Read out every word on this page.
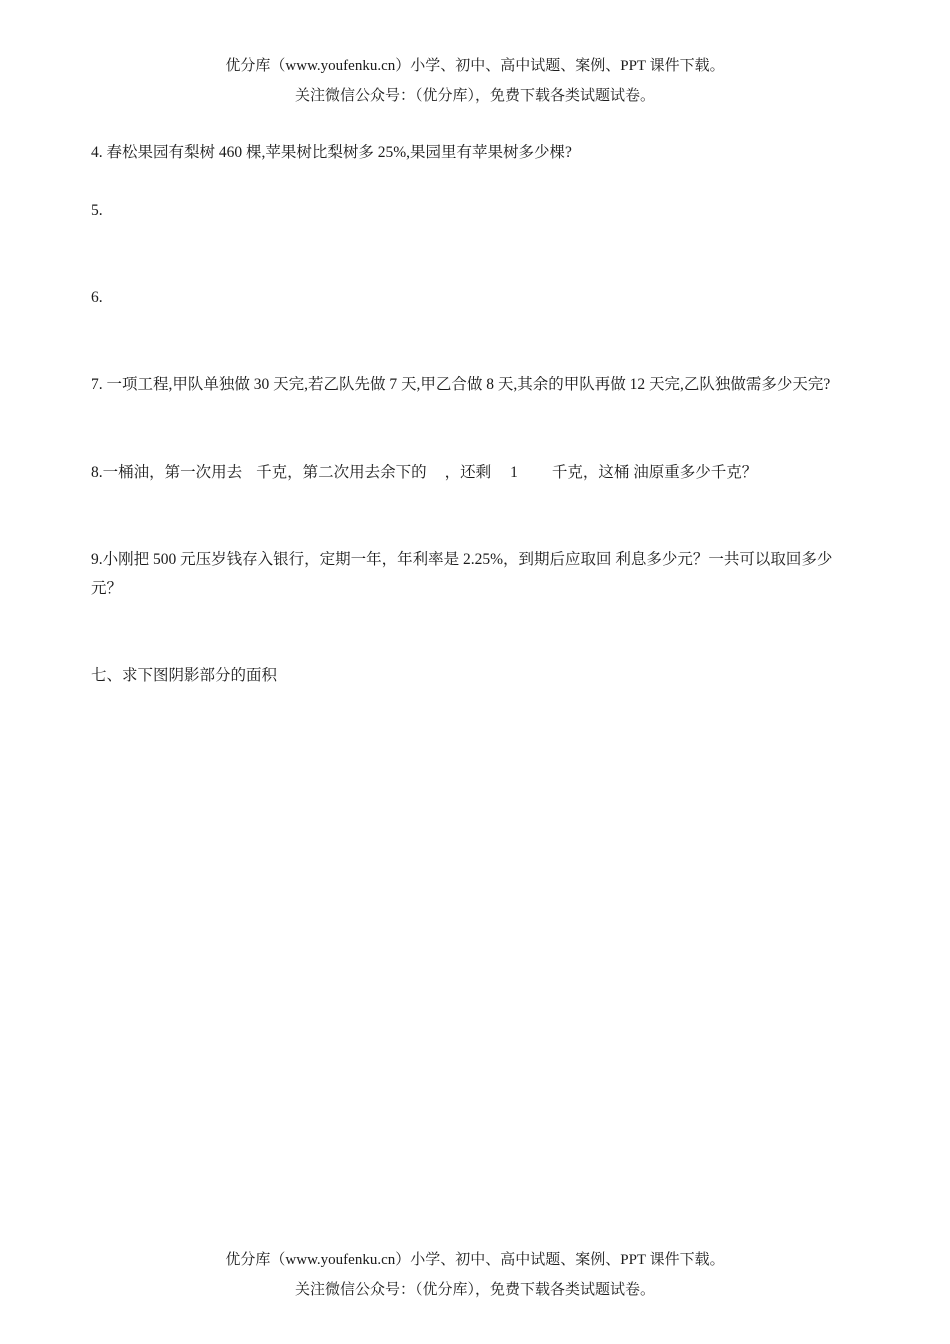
优分库（www.youfenku.cn）小学、初中、高中试题、案例、PPT 课件下载。
关注微信公众号：（优分库），免费下载各类试题试卷。
4. 春松果园有梨树 460 棵,苹果树比梨树多 25%,果园里有苹果树多少棵?
5.
6.
7. 一项工程,甲队单独做 30 天完,若乙队先做 7 天,甲乙合做 8 天,其余的甲队再做 12 天完,乙队独做需多少天完?
8.一桶油，第一次用去 千克，第二次用去余下的 ，还剩 1 千克，这桶 油原重多少千克？
9.小刚把 500 元压岁钱存入银行，定期一年，年利率是 2.25%，到期后应取回 利息多少元？一共可以取回多少元？
七、求下图阴影部分的面积
优分库（www.youfenku.cn）小学、初中、高中试题、案例、PPT 课件下载。
关注微信公众号：（优分库），免费下载各类试题试卷。
